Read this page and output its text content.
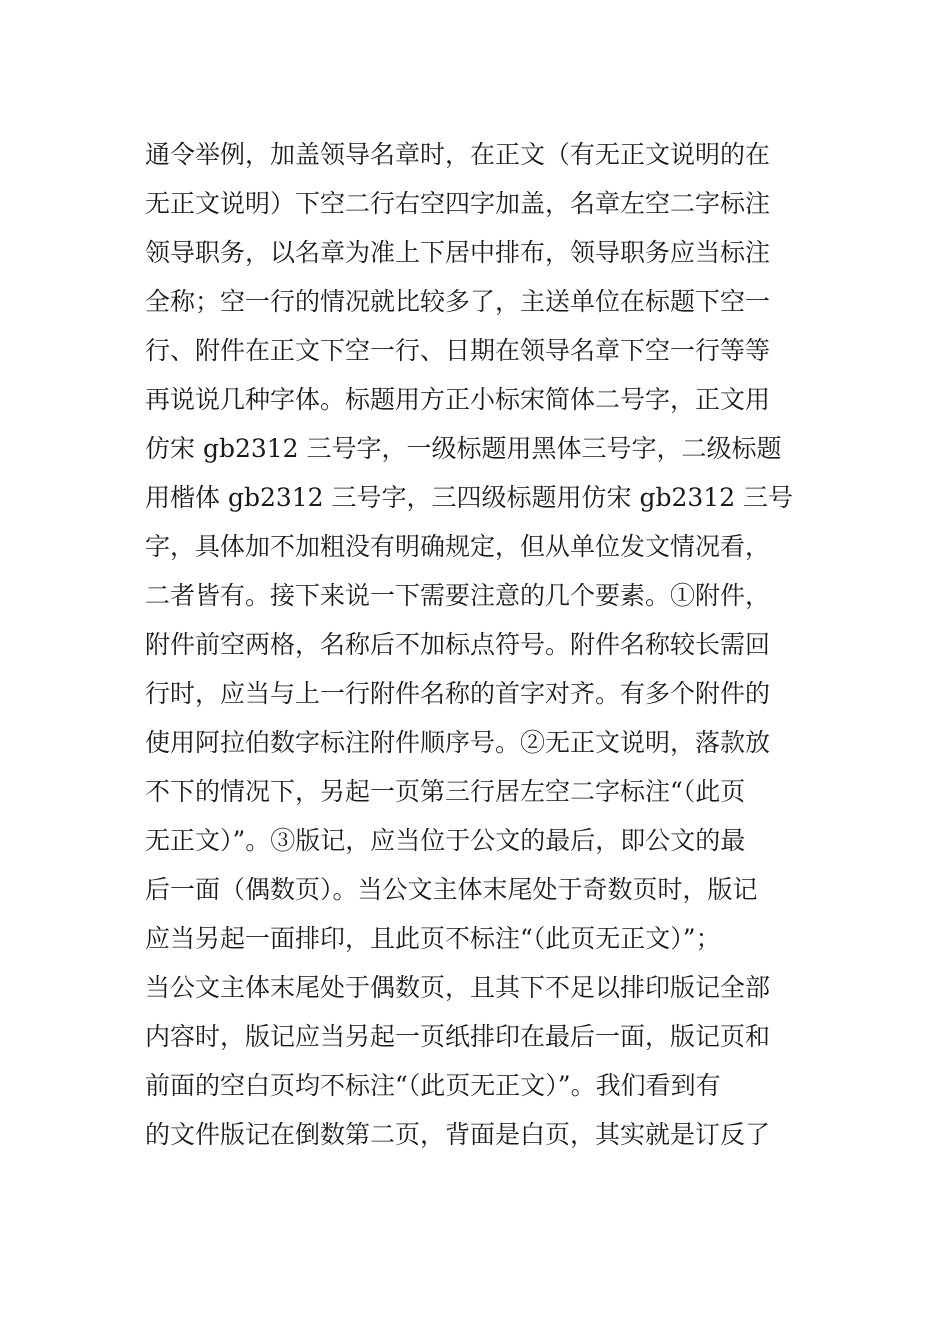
通令举例，加盖领导名章时，在正文（有无正文说明的在
无正文说明）下空二行右空四字加盖，名章左空二字标注
领导职务，以名章为准上下居中排布，领导职务应当标注
全称；空一行的情况就比较多了，主送单位在标题下空一
行、附件在正文下空一行、日期在领导名章下空一行等等
再说说几种字体。标题用方正小标宋简体二号字，正文用
仿宋 gb2312 三号字，一级标题用黑体三号字，二级标题
用楷体 gb2312 三号字，三四级标题用仿宋 gb2312 三号
字，具体加不加粗没有明确规定，但从单位发文情况看，
二者皆有。接下来说一下需要注意的几个要素。①附件，
附件前空两格，名称后不加标点符号。附件名称较长需回
行时，应当与上一行附件名称的首字对齐。有多个附件的
使用阿拉伯数字标注附件顺序号。②无正文说明，落款放
不下的情况下，另起一页第三行居左空二字标注“（此页
无正文）”。③版记，应当位于公文的最后，即公文的最
后一面（偶数页）。当公文主体末尾处于奇数页时，版记
应当另起一面排印，且此页不标注“（此页无正文）”；
当公文主体末尾处于偶数页，且其下不足以排印版记全部
内容时，版记应当另起一页纸排印在最后一面，版记页和
前面的空白页均不标注“（此页无正文）”。我们看到有
的文件版记在倒数第二页，背面是白页，其实就是订反了
